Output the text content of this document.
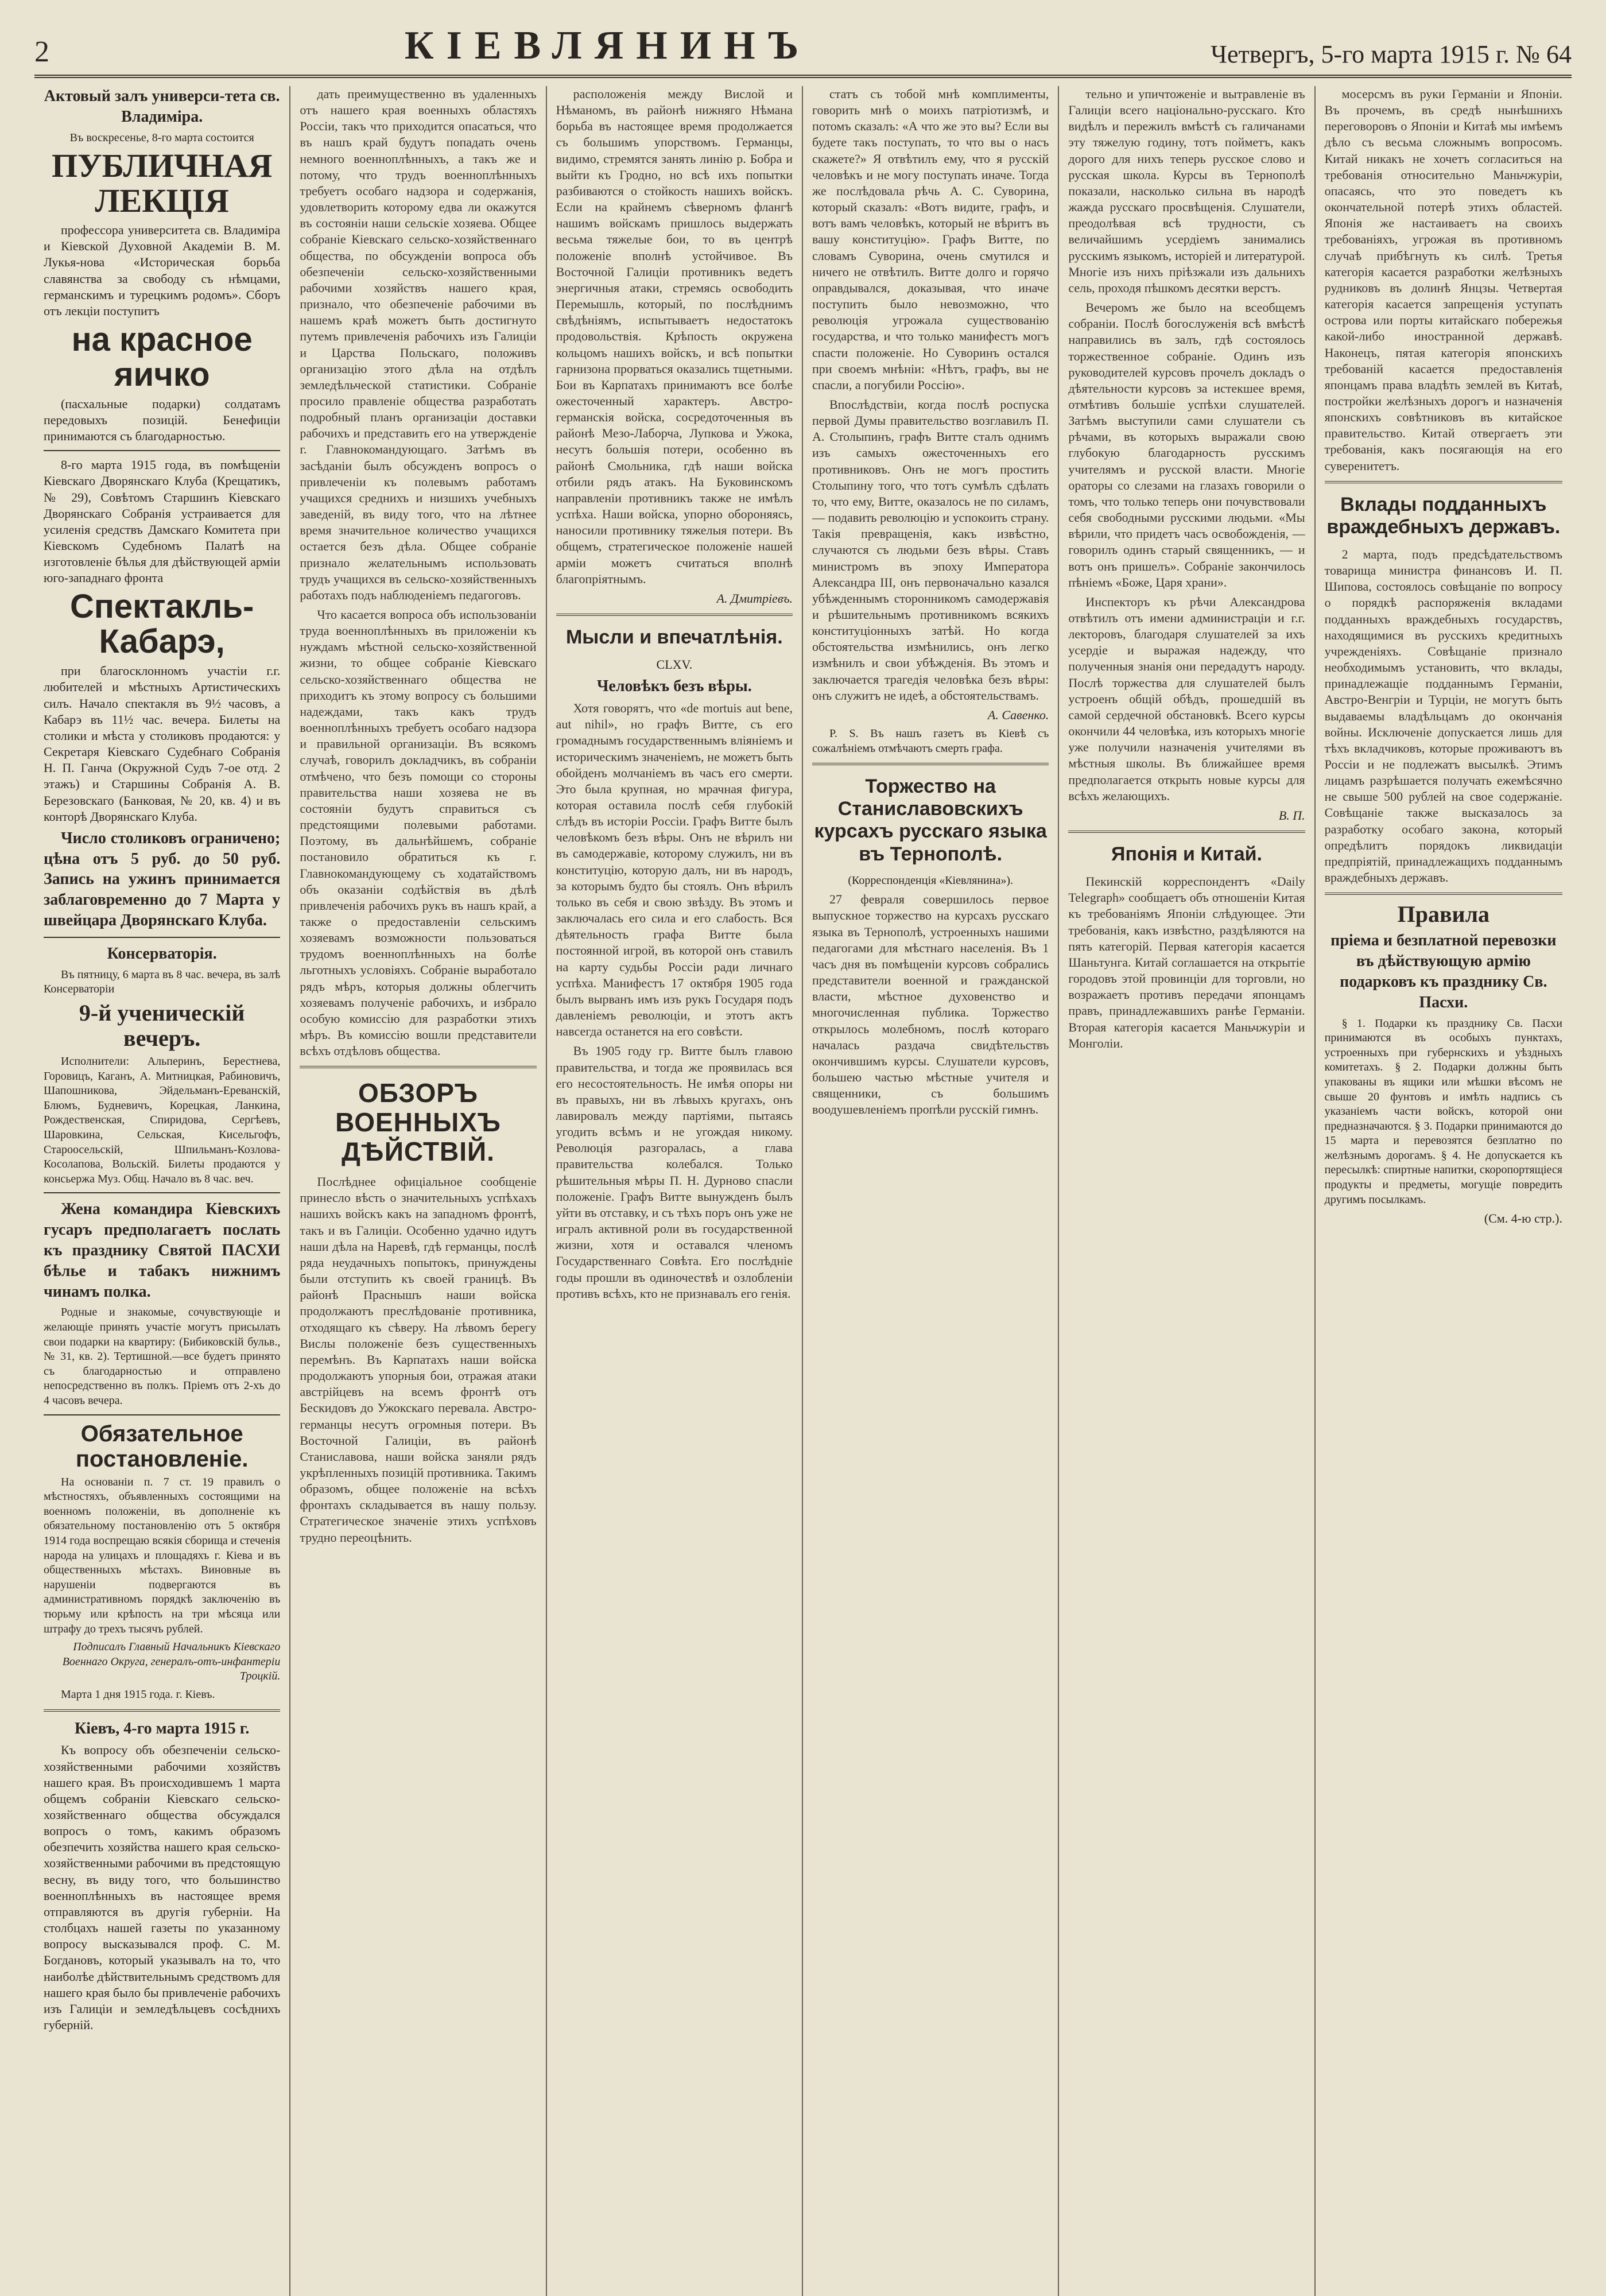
2	КІЕВЛЯНИНЪ	Четвергъ, 5-го марта 1915 г. № 64

Актовый залъ универси-тета св. Владиміра.

Въ воскресенье, 8-го марта состоится

ПУБЛИЧНАЯ ЛЕКЦІЯ

профессора университета св. Владиміра и Кіевской Духовной Академіи В. М. Лукья-нова «Историческая борьба славянства за свободу съ нѣмцами, германскимъ и турецкимъ родомъ». Сборъ отъ лекціи поступитъ

на красное яичко

(пасхальные подарки) солдатамъ передовыхъ позицій. Бенефиціи принимаются съ благодарностью.

8-го марта 1915 года, въ помѣщеніи Кіевскаго Дворянскаго Клуба (Крещатикъ, № 29), Совѣтомъ Старшинъ Кіевскаго Дворянскаго Собранія устраивается для усиленія средствъ Дамскаго Комитета при Кіевскомъ Судебномъ Палатѣ на изготовленіе бѣлья для дѣйствующей арміи юго-западнаго фронта

Спектакль-Кабарэ,

при благосклонномъ участіи г.г. любителей и мѣстныхъ Артистическихъ силъ. Начало спектакля въ 9½ часовъ, а Кабарэ въ 11½ час. вечера. Билеты на столики и мѣста у столиковъ продаются: у Секретаря Кіевскаго Судебнаго Собранія Н. П. Ганча (Окружной Судъ 7-ое отд. 2 этажъ) и Старшины Собранія А. В. Березовскаго (Банковая, № 20, кв. 4) и въ конторѣ Дворянскаго Клуба.

Число столиковъ ограничено; цѣна отъ 5 руб. до 50 руб. Запись на ужинъ принимается заблаговременно до 7 Марта у швейцара Дворянскаго Клуба.

Консерваторія.

Въ пятницу, 6 марта въ 8 час. вечера, въ залѣ Консерваторіи

9-й ученическій вечеръ.

Исполнители: Альперинъ, Берестнева, Горовицъ, Каганъ, А. Митницкая, Рабиновичъ, Шапошникова, Эйдельманъ-Ереванскій, Блюмъ, Будневичъ, Корецкая, Ланкина, Рождественская, Спиридова, Сергѣевъ, Шаровкина, Сельская, Кисельгофъ, Староосельскій, Шпильманъ-Козлова-Косолапова, Вольскій. Билеты продаются у консьержа Муз. Общ. Начало въ 8 час. веч.

Жена командира Кіевскихъ гусаръ предполагаетъ послать къ празднику Святой ПАСХИ бѣлье и табакъ нижнимъ чинамъ полка.

Родные и знакомые, сочувствующіе и желающіе принять участіе могутъ присылать свои подарки на квартиру: (Бибиковскій бульв., № 31, кв. 2). Тертишной.—все будетъ принято съ благодарностью и отправлено непосредственно въ полкъ. Пріемъ отъ 2-хъ до 4 часовъ вечера.

Обязательное постановленіе.

На основаніи п. 7 ст. 19 правилъ о мѣстностяхъ, объявленныхъ состоящими на военномъ положеніи, въ дополненіе къ обязательному постановленію отъ 5 октября 1914 года воспрещаю всякія сборища и стеченія народа на улицахъ и площадяхъ г. Кіева и въ общественныхъ мѣстахъ. Виновные въ нарушеніи подвергаются въ административномъ порядкѣ заключенію въ тюрьму или крѣпость на три мѣсяца или штрафу до трехъ тысячъ рублей.

Подписалъ Главный Начальникъ Кіевскаго Военнаго Округа, генералъ-отъ-инфантеріи Троцкій.

Марта 1 дня 1915 года. г. Кіевъ.

Кіевъ, 4-го марта 1915 г.

Къ вопросу объ обезпеченіи сельско-хозяйственными рабочими хозяйствъ нашего края. Въ происходившемъ 1 марта общемъ собраніи Кіевскаго сельско-хозяйственнаго общества обсуждался вопросъ о томъ, какимъ образомъ обезпечить хозяйства нашего края сельско-хозяйственными рабочими въ предстоящую весну, въ виду того, что большинство военноплѣнныхъ въ настоящее время отправляются въ другія губерніи. На столбцахъ нашей газеты по указанному вопросу высказывался проф. С. М. Богдановъ, который указывалъ на то, что наиболѣе дѣйствительнымъ средствомъ для нашего края было бы привлеченіе рабочихъ изъ Галиціи и земледѣльцевъ сосѣднихъ губерній.

дать преимущественно въ удаленныхъ отъ нашего края военныхъ областяхъ Россіи, такъ что приходится опасаться, что въ нашъ край будутъ попадать очень немного военноплѣнныхъ, а такъ же и потому, что трудъ военноплѣнныхъ требуетъ особаго надзора и содержанія, удовлетворить которому едва ли окажутся въ состояніи наши сельскіе хозяева. Общее собраніе Кіевскаго сельско-хозяйственнаго общества, по обсужденіи вопроса объ обезпеченіи сельско-хозяйственными рабочими хозяйствъ нашего края, признало, что обезпеченіе рабочими въ нашемъ краѣ можетъ быть достигнуто путемъ привлеченія рабочихъ изъ Галиціи и Царства Польскаго, положивъ организацію этого дѣла на отдѣлъ земледѣльческой статистики. Собраніе просило правленіе общества разработать подробный планъ организаціи доставки рабочихъ и представить его на утвержденіе г. Главнокомандующаго. Затѣмъ въ засѣданіи былъ обсужденъ вопросъ о привлеченіи къ полевымъ работамъ учащихся среднихъ и низшихъ учебныхъ заведеній, въ виду того, что на лѣтнее время значительное количество учащихся остается безъ дѣла. Общее собраніе признало желательнымъ использовать трудъ учащихся въ сельско-хозяйственныхъ работахъ подъ наблюденіемъ педагоговъ.

Что касается вопроса объ использованіи труда военноплѣнныхъ въ приложеніи къ нуждамъ мѣстной сельско-хозяйственной жизни, то общее собраніе Кіевскаго сельско-хозяйственнаго общества не приходитъ къ этому вопросу съ большими надеждами, такъ какъ трудъ военноплѣнныхъ требуетъ особаго надзора и правильной организаціи. Въ всякомъ случаѣ, говорилъ докладчикъ, въ собраніи отмѣчено, что безъ помощи со стороны правительства наши хозяева не въ состояніи будутъ справиться съ предстоящими полевыми работами. Поэтому, въ дальнѣйшемъ, собраніе постановило обратиться къ г. Главнокомандующему съ ходатайствомъ объ оказаніи содѣйствія въ дѣлѣ привлеченія рабочихъ рукъ въ нашъ край, а также о предоставленіи сельскимъ хозяевамъ возможности пользоваться трудомъ военноплѣнныхъ на болѣе льготныхъ условіяхъ. Собраніе выработало рядъ мѣръ, которыя должны облегчить хозяевамъ полученіе рабочихъ, и избрало особую комиссію для разработки этихъ мѣръ. Въ комиссію вошли представители всѣхъ отдѣловъ общества.

ОБЗОРЪ ВОЕННЫХЪ ДѢЙСТВІЙ.

Послѣднее офиціальное сообщеніе принесло вѣсть о значительныхъ успѣхахъ нашихъ войскъ какъ на западномъ фронтѣ, такъ и въ Галиціи. Особенно удачно идутъ наши дѣла на Наревѣ, гдѣ германцы, послѣ ряда неудачныхъ попытокъ, принуждены были отступить къ своей границѣ. Въ районѣ Праснышъ наши войска продолжаютъ преслѣдованіе противника, отходящаго къ сѣверу. На лѣвомъ берегу Вислы положеніе безъ существенныхъ перемѣнъ. Въ Карпатахъ наши войска продолжаютъ упорныя бои, отражая атаки австрійцевъ на всемъ фронтѣ отъ Бескидовъ до Ужокскаго перевала. Австро-германцы несутъ огромныя потери. Въ Восточной Галиціи, въ районѣ Станиславова, наши войска заняли рядъ укрѣпленныхъ позицій противника. Такимъ образомъ, общее положеніе на всѣхъ фронтахъ складывается въ нашу пользу. Стратегическое значеніе этихъ успѣховъ трудно переоцѣнить.

расположенія между Вислой и Нѣманомъ, въ районѣ нижняго Нѣмана борьба въ настоящее время продолжается съ большимъ упорствомъ. Германцы, видимо, стремятся занять линію р. Бобра и выйти къ Гродно, но всѣ ихъ попытки разбиваются о стойкость нашихъ войскъ. Если на крайнемъ сѣверномъ флангѣ нашимъ войскамъ пришлось выдержать весьма тяжелые бои, то въ центрѣ положеніе вполнѣ устойчивое. Въ Восточной Галиціи противникъ ведетъ энергичныя атаки, стремясь освободить Перемышль, который, по послѣднимъ свѣдѣніямъ, испытываетъ недостатокъ продовольствія. Крѣпость окружена кольцомъ нашихъ войскъ, и всѣ попытки гарнизона прорваться оказались тщетными. Бои въ Карпатахъ принимаютъ все болѣе ожесточенный характеръ. Австро-германскія войска, сосредоточенныя въ районѣ Мезо-Лаборча, Лупкова и Ужока, несутъ большія потери, особенно въ районѣ Смольника, гдѣ наши войска отбили рядъ атакъ. На Буковинскомъ направленіи противникъ также не имѣлъ успѣха. Наши войска, упорно обороняясь, наносили противнику тяжелыя потери. Въ общемъ, стратегическое положеніе нашей арміи можетъ считаться вполнѣ благопріятнымъ.

А. Дмитріевъ.

Мысли и впечатлѣнія.

CLXV.

Человѣкъ безъ вѣры.

Хотя говорятъ, что «de mortuis aut bene, aut nihil», но графъ Витте, съ его громаднымъ государственнымъ вліяніемъ и историческимъ значеніемъ, не можетъ быть обойденъ молчаніемъ въ часъ его смерти. Это была крупная, но мрачная фигура, которая оставила послѣ себя глубокій слѣдъ въ исторіи Россіи. Графъ Витте былъ человѣкомъ безъ вѣры. Онъ не вѣрилъ ни въ самодержавіе, которому служилъ, ни въ конституцію, которую далъ, ни въ народъ, за которымъ будто бы стоялъ. Онъ вѣрилъ только въ себя и свою звѣзду. Въ этомъ и заключалась его сила и его слабость. Вся дѣятельность графа Витте была постоянной игрой, въ которой онъ ставилъ на карту судьбы Россіи ради личнаго успѣха. Манифестъ 17 октября 1905 года былъ вырванъ имъ изъ рукъ Государя подъ давленіемъ революціи, и этотъ актъ навсегда останется на его совѣсти.

Въ 1905 году гр. Витте былъ главою правительства, и тогда же проявилась вся его несостоятельность. Не имѣя опоры ни въ правыхъ, ни въ лѣвыхъ кругахъ, онъ лавировалъ между партіями, пытаясь угодить всѣмъ и не угождая никому. Революція разгоралась, а глава правительства колебался. Только рѣшительныя мѣры П. Н. Дурново спасли положеніе. Графъ Витте вынужденъ былъ уйти въ отставку, и съ тѣхъ поръ онъ уже не игралъ активной роли въ государственной жизни, хотя и оставался членомъ Государственнаго Совѣта. Его послѣдніе годы прошли въ одиночествѣ и озлобленіи противъ всѣхъ, кто не признавалъ его генія.

статъ съ тобой мнѣ комплименты, говорить мнѣ о моихъ патріотизмѣ, и потомъ сказалъ: «А что же это вы? Если вы будете такъ поступать, то что вы о насъ скажете?» Я отвѣтилъ ему, что я русскій человѣкъ и не могу поступать иначе. Тогда же послѣдовала рѣчь А. С. Суворина, который сказалъ: «Вотъ видите, графъ, и вотъ вамъ человѣкъ, который не вѣритъ въ вашу конституцію». Графъ Витте, по словамъ Суворина, очень смутился и ничего не отвѣтилъ. Витте долго и горячо оправдывался, доказывая, что иначе поступить было невозможно, что революція угрожала существованію государства, и что только манифестъ могъ спасти положеніе. Но Суворинъ остался при своемъ мнѣніи: «Нѣтъ, графъ, вы не спасли, а погубили Россію».

Впослѣдствіи, когда послѣ роспуска первой Думы правительство возглавилъ П. А. Столыпинъ, графъ Витте сталъ однимъ изъ самыхъ ожесточенныхъ его противниковъ. Онъ не могъ простить Столыпину того, что тотъ сумѣлъ сдѣлать то, что ему, Витте, оказалось не по силамъ, — подавить революцію и успокоить страну. Такія превращенія, какъ извѣстно, случаются съ людьми безъ вѣры. Ставъ министромъ въ эпоху Императора Александра III, онъ первоначально казался убѣжденнымъ сторонникомъ самодержавія и рѣшительнымъ противникомъ всякихъ конституціонныхъ затѣй. Но когда обстоятельства измѣнились, онъ легко измѣнилъ и свои убѣжденія. Въ этомъ и заключается трагедія человѣка безъ вѣры: онъ служитъ не идеѣ, а обстоятельствамъ.

А. Савенко.

P. S. Въ нашъ газетъ въ Кіевѣ съ сожалѣніемъ отмѣчаютъ смерть графа.

Торжество на Станиславовскихъ курсахъ русскаго языка въ Тернополѣ.

(Корреспонденція «Кіевлянина»).

27 февраля совершилось первое выпускное торжество на курсахъ русскаго языка въ Тернополѣ, устроенныхъ нашими педагогами для мѣстнаго населенія. Въ 1 часъ дня въ помѣщеніи курсовъ собрались представители военной и гражданской власти, мѣстное духовенство и многочисленная публика. Торжество открылось молебномъ, послѣ котораго началась раздача свидѣтельствъ окончившимъ курсы. Слушатели курсовъ, большею частью мѣстные учителя и священники, съ большимъ воодушевленіемъ пропѣли русскій гимнъ.

тельно и упичтоженіе и вытравленіе въ Галиціи всего національно-русскаго. Кто видѣлъ и пережилъ вмѣстѣ съ галичанами эту тяжелую годину, тотъ пойметъ, какъ дорого для нихъ теперь русское слово и русская школа. Курсы въ Тернополѣ показали, насколько сильна въ народѣ жажда русскаго просвѣщенія. Слушатели, преодолѣвая всѣ трудности, съ величайшимъ усердіемъ занимались русскимъ языкомъ, исторіей и литературой. Многіе изъ нихъ пріѣзжали изъ дальнихъ сель, проходя пѣшкомъ десятки верстъ.

Вечеромъ же было на всеобщемъ собраніи. Послѣ богослуженія всѣ вмѣстѣ направились въ залъ, гдѣ состоялось торжественное собраніе. Одинъ изъ руководителей курсовъ прочелъ докладъ о дѣятельности курсовъ за истекшее время, отмѣтивъ большіе успѣхи слушателей. Затѣмъ выступили сами слушатели съ рѣчами, въ которыхъ выражали свою глубокую благодарность русскимъ учителямъ и русской власти. Многіе ораторы со слезами на глазахъ говорили о томъ, что только теперь они почувствовали себя свободными русскими людьми. «Мы вѣрили, что придетъ часъ освобожденія, — говорилъ одинъ старый священникъ, — и вотъ онъ пришелъ». Собраніе закончилось пѣніемъ «Боже, Царя храни».

Инспекторъ къ рѣчи Александрова отвѣтилъ отъ имени администраціи и г.г. лекторовъ, благодаря слушателей за ихъ усердіе и выражая надежду, что полученныя знанія они передадутъ народу. Послѣ торжества для слушателей былъ устроенъ общій обѣдъ, прошедшій въ самой сердечной обстановкѣ. Всего курсы окончили 44 человѣка, изъ которыхъ многіе уже получили назначенія учителями въ мѣстныя школы. Въ ближайшее время предполагается открыть новые курсы для всѣхъ желающихъ.

В. П.

Японія и Китай.

Пекинскій корреспондентъ «Daily Telegraph» сообщаетъ объ отношеніи Китая къ требованіямъ Японіи слѣдующее. Эти требованія, какъ извѣстно, раздѣляются на пять категорій. Первая категорія касается Шаньтунга. Китай соглашается на открытіе городовъ этой провинціи для торговли, но возражаетъ противъ передачи японцамъ правъ, принадлежавшихъ ранѣе Германіи. Вторая категорія касается Маньчжуріи и Монголіи.

мосерсмъ въ руки Германіи и Японіи. Въ прочемъ, въ средѣ нынѣшнихъ переговоровъ о Японіи и Китаѣ мы имѣемъ дѣло съ весьма сложнымъ вопросомъ. Китай никакъ не хочетъ согласиться на требованія относительно Маньчжуріи, опасаясь, что это поведетъ къ окончательной потерѣ этихъ областей. Японія же настаиваетъ на своихъ требованіяхъ, угрожая въ противномъ случаѣ прибѣгнуть къ силѣ. Третья категорія касается разработки желѣзныхъ рудниковъ въ долинѣ Янцзы. Четвертая категорія касается запрещенія уступать острова или порты китайскаго побережья какой-либо иностранной державѣ. Наконецъ, пятая категорія японскихъ требованій касается предоставленія японцамъ права владѣть землей въ Китаѣ, постройки желѣзныхъ дорогъ и назначенія японскихъ совѣтниковъ въ китайское правительство. Китай отвергаетъ эти требованія, какъ посягающія на его суверенитетъ.

Вклады подданныхъ враждебныхъ державъ.

2 марта, подъ предсѣдательствомъ товарища министра финансовъ И. П. Шипова, состоялось совѣщаніе по вопросу о порядкѣ распоряженія вкладами подданныхъ враждебныхъ государствъ, находящимися въ русскихъ кредитныхъ учрежденіяхъ. Совѣщаніе признало необходимымъ установить, что вклады, принадлежащіе подданнымъ Германіи, Австро-Венгріи и Турціи, не могутъ быть выдаваемы владѣльцамъ до окончанія войны. Исключеніе допускается лишь для тѣхъ вкладчиковъ, которые проживаютъ въ Россіи и не подлежатъ высылкѣ. Этимъ лицамъ разрѣшается получать ежемѣсячно не свыше 500 рублей на свое содержаніе. Совѣщаніе также высказалось за разработку особаго закона, который опредѣлитъ порядокъ ликвидаціи предпріятій, принадлежащихъ подданнымъ враждебныхъ державъ.

Правила

пріема и безплатной перевозки въ дѣйствующую армію подарковъ къ празднику Св. Пасхи.

§ 1. Подарки къ празднику Св. Пасхи принимаются въ особыхъ пунктахъ, устроенныхъ при губернскихъ и уѣздныхъ комитетахъ. § 2. Подарки должны быть упакованы въ ящики или мѣшки вѣсомъ не свыше 20 фунтовъ и имѣть надпись съ указаніемъ части войскъ, которой они предназначаются. § 3. Подарки принимаются до 15 марта и перевозятся безплатно по желѣзнымъ дорогамъ. § 4. Не допускается къ пересылкѣ: спиртные напитки, скоропортящіеся продукты и предметы, могущіе повредить другимъ посылкамъ.

(См. 4-ю стр.).
